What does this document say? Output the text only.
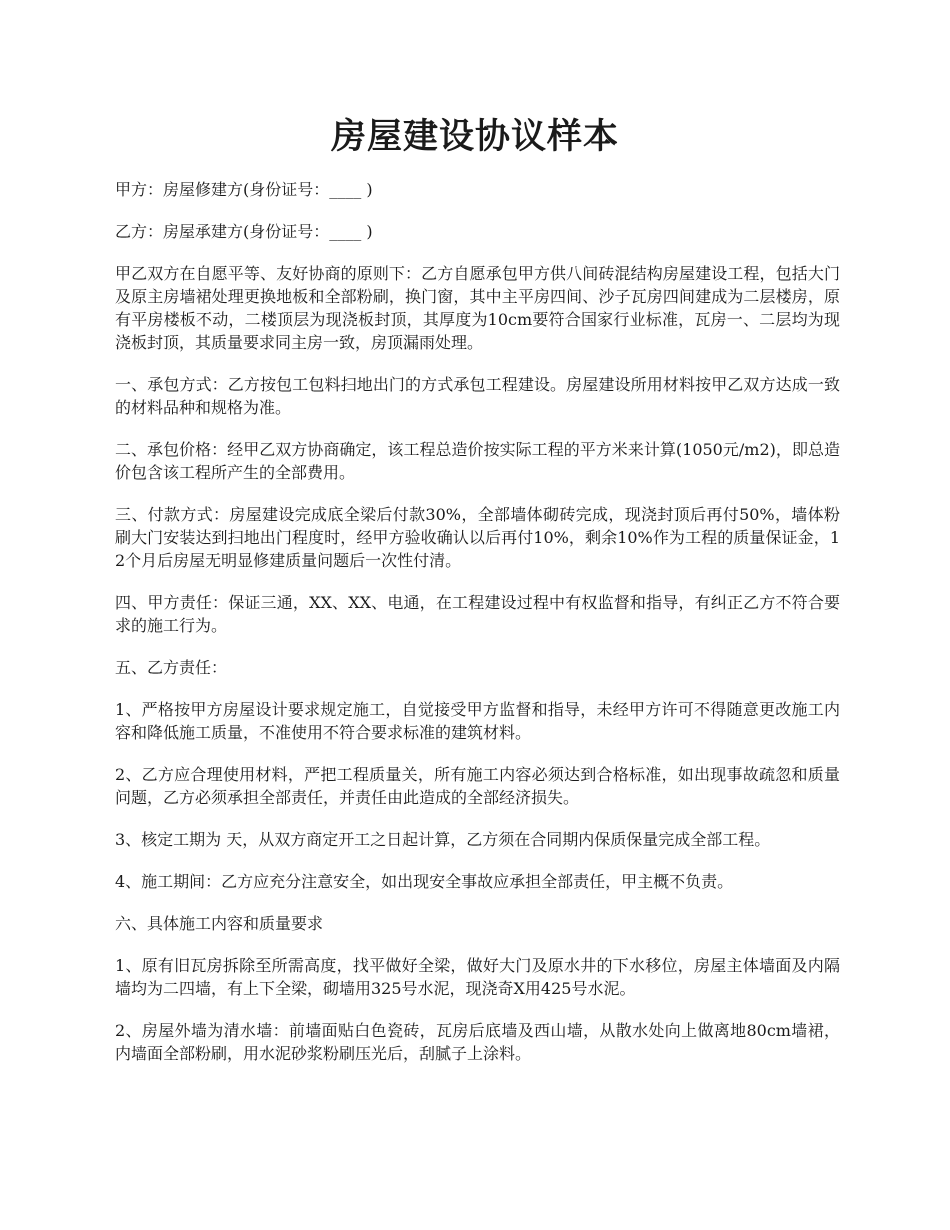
房屋建设协议样本

甲方：房屋修建方(身份证号：____ )

乙方：房屋承建方(身份证号：____ )

甲乙双方在自愿平等、友好协商的原则下：乙方自愿承包甲方供八间砖混结构房屋建设工程，包括大门及原主房墙裙处理更换地板和全部粉刷，换门窗，其中主平房四间、沙子瓦房四间建成为二层楼房，原有平房楼板不动，二楼顶层为现浇板封顶，其厚度为10cm要符合国家行业标准，瓦房一、二层均为现浇板封顶，其质量要求同主房一致，房顶漏雨处理。

一、承包方式：乙方按包工包料扫地出门的方式承包工程建设。房屋建设所用材料按甲乙双方达成一致的材料品种和规格为准。

二、承包价格：经甲乙双方协商确定，该工程总造价按实际工程的平方米来计算(1050元/m2)，即总造价包含该工程所产生的全部费用。

三、付款方式：房屋建设完成底全梁后付款30%，全部墙体砌砖完成，现浇封顶后再付50%，墙体粉刷大门安装达到扫地出门程度时，经甲方验收确认以后再付10%，剩余10%作为工程的质量保证金，12个月后房屋无明显修建质量问题后一次性付清。

四、甲方责任：保证三通，XX、XX、电通，在工程建设过程中有权监督和指导，有纠正乙方不符合要求的施工行为。

五、乙方责任：

1、严格按甲方房屋设计要求规定施工，自觉接受甲方监督和指导，未经甲方许可不得随意更改施工内容和降低施工质量，不准使用不符合要求标准的建筑材料。

2、乙方应合理使用材料，严把工程质量关，所有施工内容必须达到合格标准，如出现事故疏忽和质量问题，乙方必须承担全部责任，并责任由此造成的全部经济损失。

3、核定工期为 天，从双方商定开工之日起计算，乙方须在合同期内保质保量完成全部工程。

4、施工期间：乙方应充分注意安全，如出现安全事故应承担全部责任，甲主概不负责。

六、具体施工内容和质量要求

1、原有旧瓦房拆除至所需高度，找平做好全梁，做好大门及原水井的下水移位，房屋主体墙面及内隔墙均为二四墙，有上下全梁，砌墙用325号水泥，现浇奇X用425号水泥。

2、房屋外墙为清水墙：前墙面贴白色瓷砖，瓦房后底墙及西山墙，从散水处向上做离地80cm墙裙，内墙面全部粉刷，用水泥砂浆粉刷压光后，刮腻子上涂料。
